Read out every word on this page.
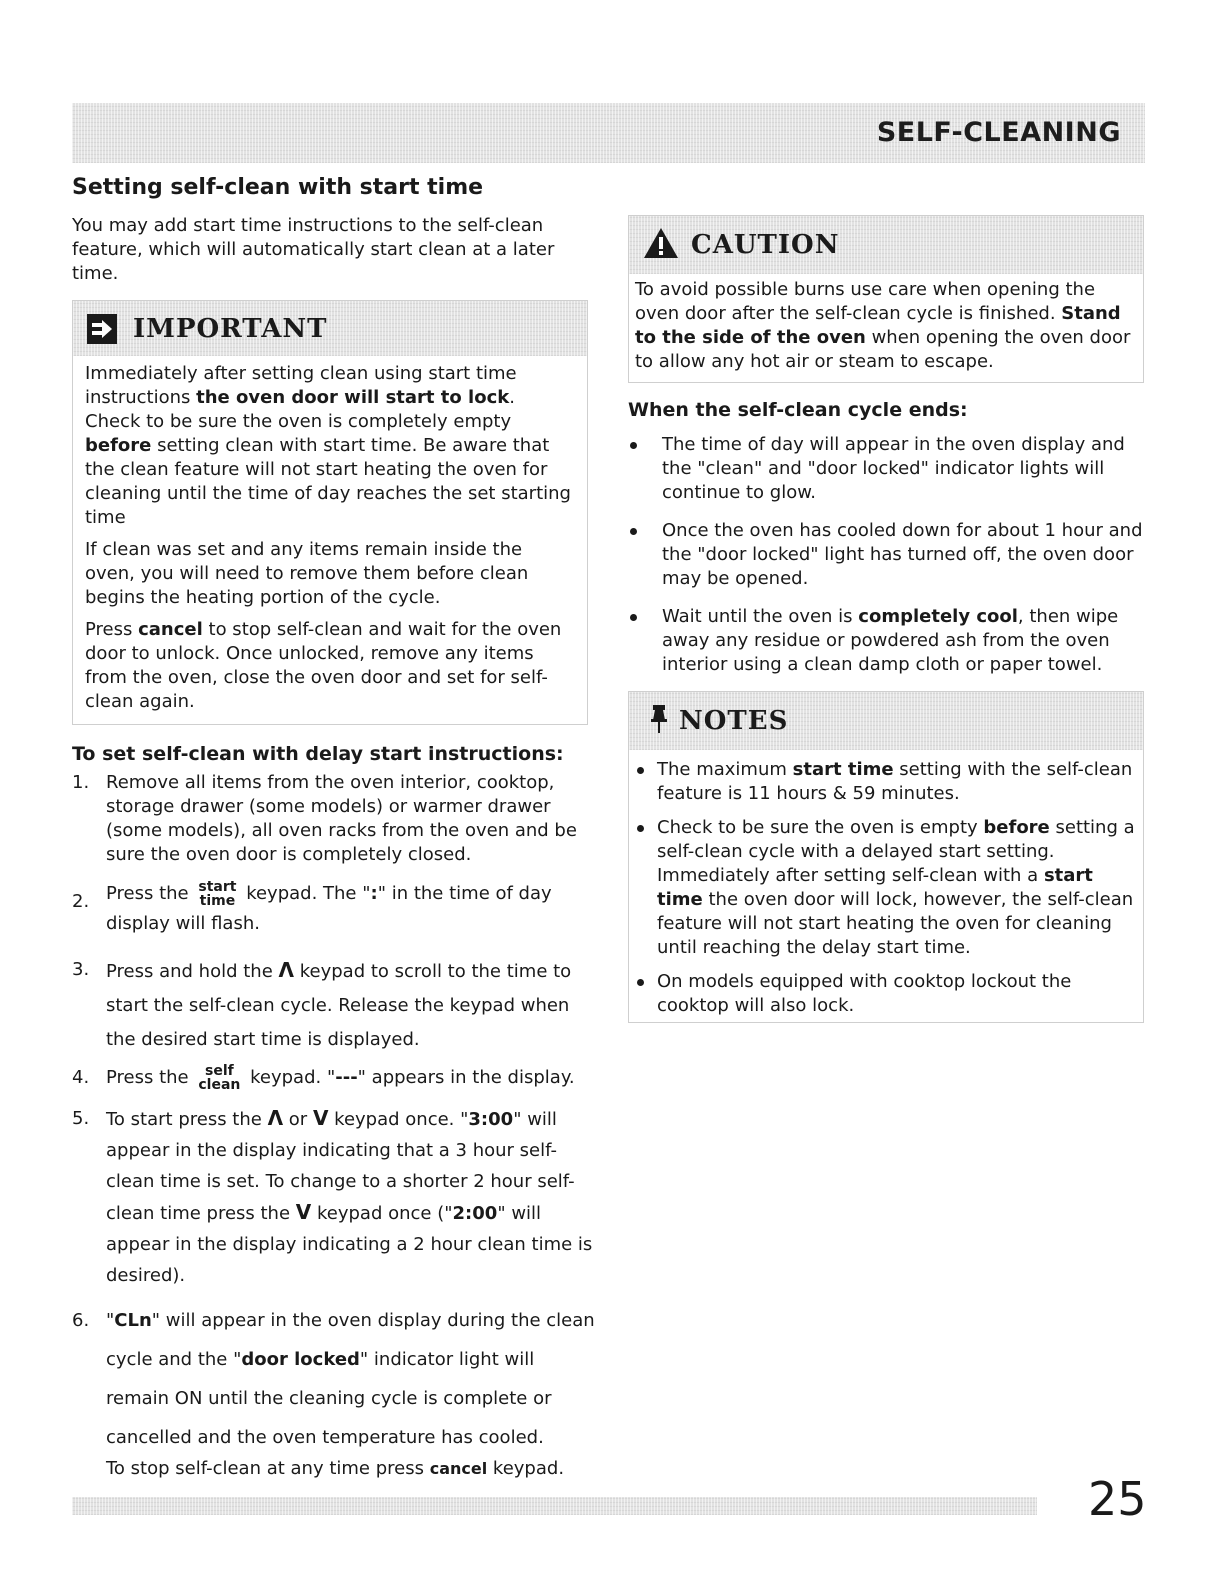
SELF-CLEANING
Setting self-clean with start time

You may add start time instructions to the self-clean feature, which will automatically start clean at a later time.

IMPORTANT

Immediately after setting clean using start time instructions the oven door will start to lock. Check to be sure the oven is completely empty before setting clean with start time. Be aware that the clean feature will not start heating the oven for cleaning until the time of day reaches the set starting time

If clean was set and any items remain inside the oven, you will need to remove them before clean begins the heating portion of the cycle.

Press cancel to stop self-clean and wait for the oven door to unlock. Once unlocked, remove any items from the oven, close the oven door and set for self-clean again.

To set self-clean with delay start instructions:
1. Remove all items from the oven interior, cooktop, storage drawer (some models) or warmer drawer (some models), all oven racks from the oven and be sure the oven door is completely closed.
2. Press the start
time keypad. The ":" in the time of day display will flash.
3. Press and hold the Λ keypad to scroll to the time to start the self-clean cycle. Release the keypad when the desired start time is displayed.
4. Press the self
clean keypad. "---" appears in the display.
5. To start press the Λ or V keypad once. "3:00" will appear in the display indicating that a 3 hour self-clean time is set. To change to a shorter 2 hour self-clean time press the V keypad once ("2:00" will appear in the display indicating a 2 hour clean time is desired).
6. "CLn" will appear in the oven display during the clean cycle and the "door locked" indicator light will remain ON until the cleaning cycle is complete or cancelled and the oven temperature has cooled.

To stop self-clean at any time press cancel keypad.

CAUTION

To avoid possible burns use care when opening the oven door after the self-clean cycle is finished. Stand to the side of the oven when opening the oven door to allow any hot air or steam to escape.

When the self-clean cycle ends:
The time of day will appear in the oven display and the "clean" and "door locked" indicator lights will continue to glow.
Once the oven has cooled down for about 1 hour and the "door locked" light has turned off, the oven door may be opened.
Wait until the oven is completely cool, then wipe away any residue or powdered ash from the oven interior using a clean damp cloth or paper towel.
NOTES
The maximum start time setting with the self-clean feature is 11 hours & 59 minutes.
Check to be sure the oven is empty before setting a self-clean cycle with a delayed start setting. Immediately after setting self-clean with a start time the oven door will lock, however, the self-clean feature will not start heating the oven for cleaning until reaching the delay start time.
On models equipped with cooktop lockout the cooktop will also lock.
25
